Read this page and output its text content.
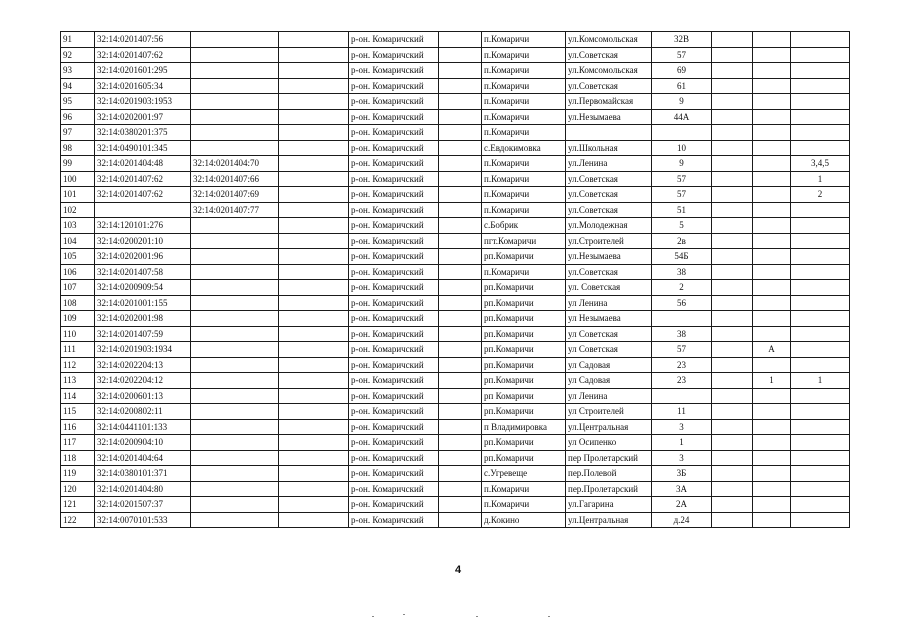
91	32:14:0201407:56			р-он. Комаричский		п.Комаричи	ул.Комсомольская	32В			
92	32:14:0201407:62			р-он. Комаричский		п.Комаричи	ул.Советская	57			
93	32:14:0201601:295			р-он. Комаричский		п.Комаричи	ул.Комсомольская	69			
94	32:14:0201605:34			р-он. Комаричский		п.Комаричи	ул.Советская	61			
95	32:14:0201903:1953			р-он. Комаричский		п.Комаричи	ул.Первомайская	9			
96	32:14:0202001:97			р-он. Комаричский		п.Комаричи	ул.Незымаева	44А			
97	32:14:0380201:375			р-он. Комаричский		п.Комаричи					
98	32:14:0490101:345			р-он. Комаричский		с.Евдокимовка	ул.Школьная	10			
99	32:14:0201404:48	32:14:0201404:70		р-он. Комаричский		п.Комаричи	ул.Ленина	9			3,4,5
100	32:14:0201407:62	32:14:0201407:66		р-он. Комаричский		п.Комаричи	ул.Советская	57			1
101	32:14:0201407:62	32:14:0201407:69		р-он. Комаричский		п.Комаричи	ул.Советская	57			2
102		32:14:0201407:77		р-он. Комаричский		п.Комаричи	ул.Советская	51			
103	32:14:120101:276			р-он. Комаричский		с.Бобрик	ул.Молодежная	5			
104	32:14:0200201:10			р-он. Комаричский		пгт.Комаричи	ул.Строителей	2в			
105	32:14:0202001:96			р-он. Комаричский		рп.Комаричи	ул.Незымаева	54Б			
106	32:14:0201407:58			р-он. Комаричский		п.Комаричи	ул.Советская	38			
107	32:14:0200909:54			р-он. Комаричский		рп.Комаричи	ул. Советская	2			
108	32:14:0201001:155			р-он. Комаричский		рп.Комаричи	ул Ленина	56			
109	32:14:0202001:98			р-он. Комаричский		рп.Комаричи	ул Незымаева				
110	32:14:0201407:59			р-он. Комаричский		рп.Комаричи	ул Советская	38			
111	32:14:0201903:1934			р-он. Комаричский		рп.Комаричи	ул Советская	57		А	
112	32:14:0202204:13			р-он. Комаричский		рп.Комаричи	ул Садовая	23			
113	32:14:0202204:12			р-он. Комаричский		рп.Комаричи	ул Садовая	23		1	1
114	32:14:0200601:13			р-он. Комаричский		рп Комаричи	ул Ленина				
115	32:14:0200802:11			р-он. Комаричский		рп.Комаричи	ул Строителей	11			
116	32:14:0441101:133			р-он. Комаричский		п Владимировка	ул.Центральная	3			
117	32:14:0200904:10			р-он. Комаричский		рп.Комаричи	ул Осипенко	1			
118	32:14:0201404:64			р-он. Комаричский		рп.Комаричи	пер Пролетарский	3			
119	32:14:0380101:371			р-он. Комаричский		с.Угревеще	пер.Полевой	3Б			
120	32:14:0201404:80			р-он. Комаричский		п.Комаричи	пер.Пролетарский	3А			
121	32:14:0201507:37			р-он. Комаричский		п.Комаричи	ул.Гагарина	2А			
122	32:14:0070101:533			р-он. Комаричский		д.Кокино	ул.Центральная	д.24			
4
